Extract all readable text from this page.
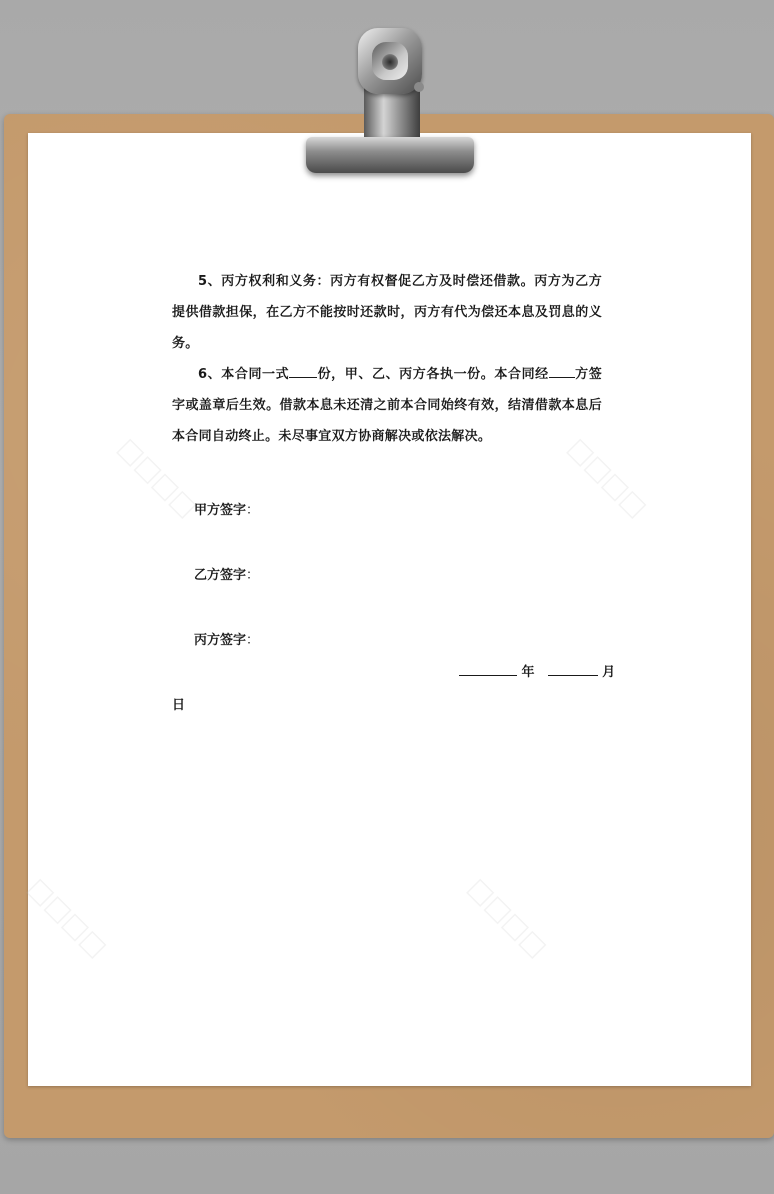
□□□□	□□□□
□□□□	□□□□

5、丙方权利和义务：丙方有权督促乙方及时偿还借款。丙方为乙方提供借款担保，在乙方不能按时还款时，丙方有代为偿还本息及罚息的义务。

6、本合同一式 份，甲、乙、丙方各执一份。本合同经 方签字或盖章后生效。借款本息未还清之前本合同始终有效，结清借款本息后本合同自动终止。未尽事宜双方协商解决或依法解决。

甲方签字：
乙方签字：
丙方签字：
年	月
日
